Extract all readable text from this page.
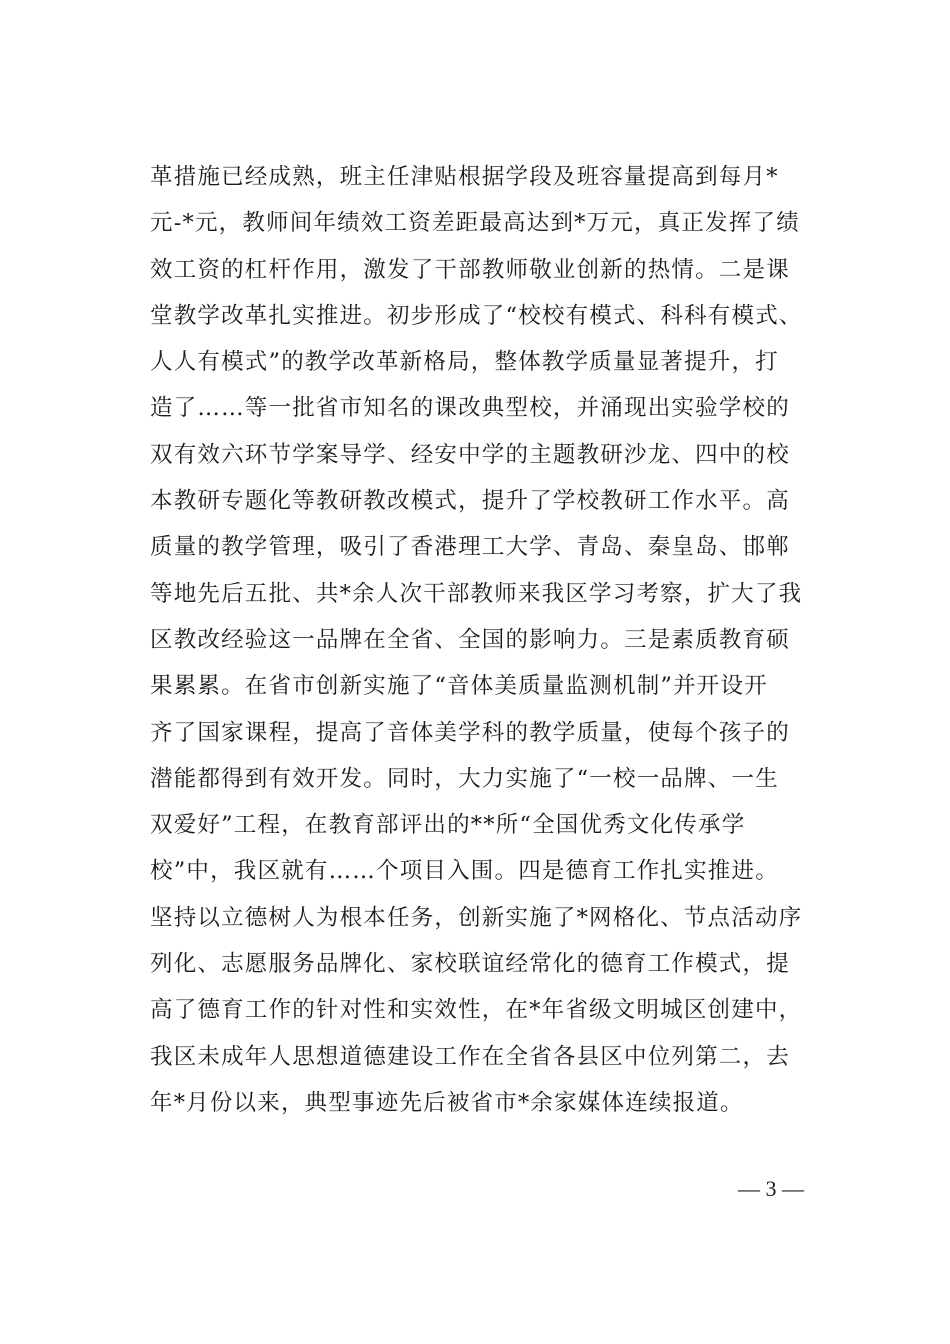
革措施已经成熟，班主任津贴根据学段及班容量提高到每月*
元-*元，教师间年绩效工资差距最高达到*万元，真正发挥了绩
效工资的杠杆作用，激发了干部教师敬业创新的热情。二是课
堂教学改革扎实推进。初步形成了“校校有模式、科科有模式、
人人有模式”的教学改革新格局，整体教学质量显著提升，打
造了……等一批省市知名的课改典型校，并涌现出实验学校的
双有效六环节学案导学、经安中学的主题教研沙龙、四中的校
本教研专题化等教研教改模式，提升了学校教研工作水平。高
质量的教学管理，吸引了香港理工大学、青岛、秦皇岛、邯郸
等地先后五批、共*余人次干部教师来我区学习考察，扩大了我
区教改经验这一品牌在全省、全国的影响力。三是素质教育硕
果累累。在省市创新实施了“音体美质量监测机制”并开设开
齐了国家课程，提高了音体美学科的教学质量，使每个孩子的
潜能都得到有效开发。同时，大力实施了“一校一品牌、一生
双爱好”工程，在教育部评出的**所“全国优秀文化传承学
校”中，我区就有……个项目入围。四是德育工作扎实推进。
坚持以立德树人为根本任务，创新实施了*网格化、节点活动序
列化、志愿服务品牌化、家校联谊经常化的德育工作模式，提
高了德育工作的针对性和实效性，在*年省级文明城区创建中，
我区未成年人思想道德建设工作在全省各县区中位列第二，去
年*月份以来，典型事迹先后被省市*余家媒体连续报道。
— 3 —
